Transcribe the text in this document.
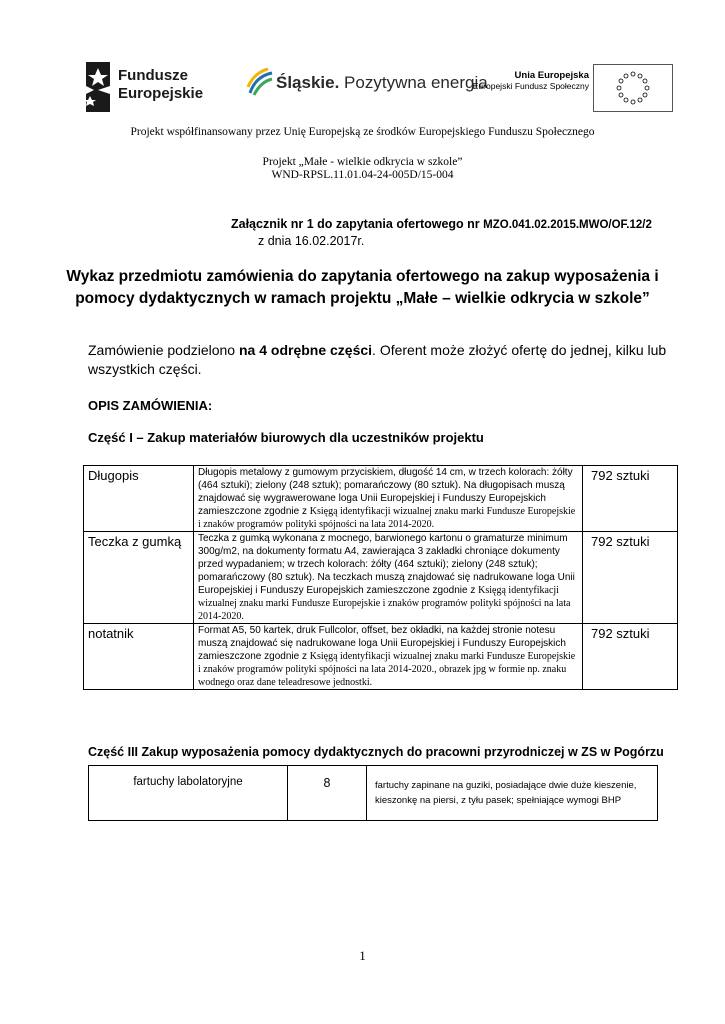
Fundusze
Europejskie
Śląskie. Pozytywna energia	Unia Europejska
Europejski Fundusz Społeczny
Projekt współfinansowany przez Unię Europejską ze środków Europejskiego Funduszu Społecznego
Projekt „Małe - wielkie odkrycia w szkole”
WND-RPSL.11.01.04-24-005D/15-004
Załącznik nr 1 do zapytania ofertowego nr MZO.041.02.2015.MWO/OF.12/2
z dnia 16.02.2017r.
Wykaz przedmiotu zamówienia do zapytania ofertowego na zakup wyposażenia i pomocy dydaktycznych w ramach projektu „Małe – wielkie odkrycia w szkole”
Zamówienie podzielono na 4 odrębne części. Oferent może złożyć ofertę do jednej, kilku lub wszystkich części.
OPIS ZAMÓWIENIA:
Część I – Zakup materiałów biurowych dla uczestników projektu
Długopis	Długopis metalowy z gumowym przyciskiem, długość 14 cm, w trzech kolorach: żółty (464 sztuki); zielony (248 sztuk); pomarańczowy (80 sztuk). Na długopisach muszą znajdować się wygrawerowane loga Unii Europejskiej i Funduszy Europejskich zamieszczone zgodnie z Księgą identyfikacji wizualnej znaku marki Fundusze Europejskie i znaków programów polityki spójności na lata 2014-2020.	792 sztuki
Teczka z gumką	Teczka z gumką wykonana z mocnego, barwionego kartonu o gramaturze minimum 300g/m2, na dokumenty formatu A4, zawierająca 3 zakładki chroniące dokumenty przed wypadaniem; w trzech kolorach: żółty (464 sztuki); zielony (248 sztuk); pomarańczowy (80 sztuk). Na teczkach muszą znajdować się nadrukowane loga Unii Europejskiej i Funduszy Europejskich zamieszczone zgodnie z Księgą identyfikacji wizualnej znaku marki Fundusze Europejskie i znaków programów polityki spójności na lata 2014-2020.	792 sztuki
notatnik	Format A5, 50 kartek, druk Fullcolor, offset, bez okładki, na każdej stronie notesu muszą znajdować się nadrukowane loga Unii Europejskiej i Funduszy Europejskich zamieszczone zgodnie z Księgą identyfikacji wizualnej znaku marki Fundusze Europejskie i znaków programów polityki spójności na lata 2014-2020., obrazek jpg w formie np. znaku wodnego oraz dane teleadresowe jednostki.	792 sztuki
Część III Zakup wyposażenia pomocy dydaktycznych do pracowni przyrodniczej w ZS w Pogórzu
fartuchy labolatoryjne	8	fartuchy zapinane na guziki, posiadające dwie duże kieszenie, kieszonkę na piersi, z tyłu pasek; spełniające wymogi BHP
1
